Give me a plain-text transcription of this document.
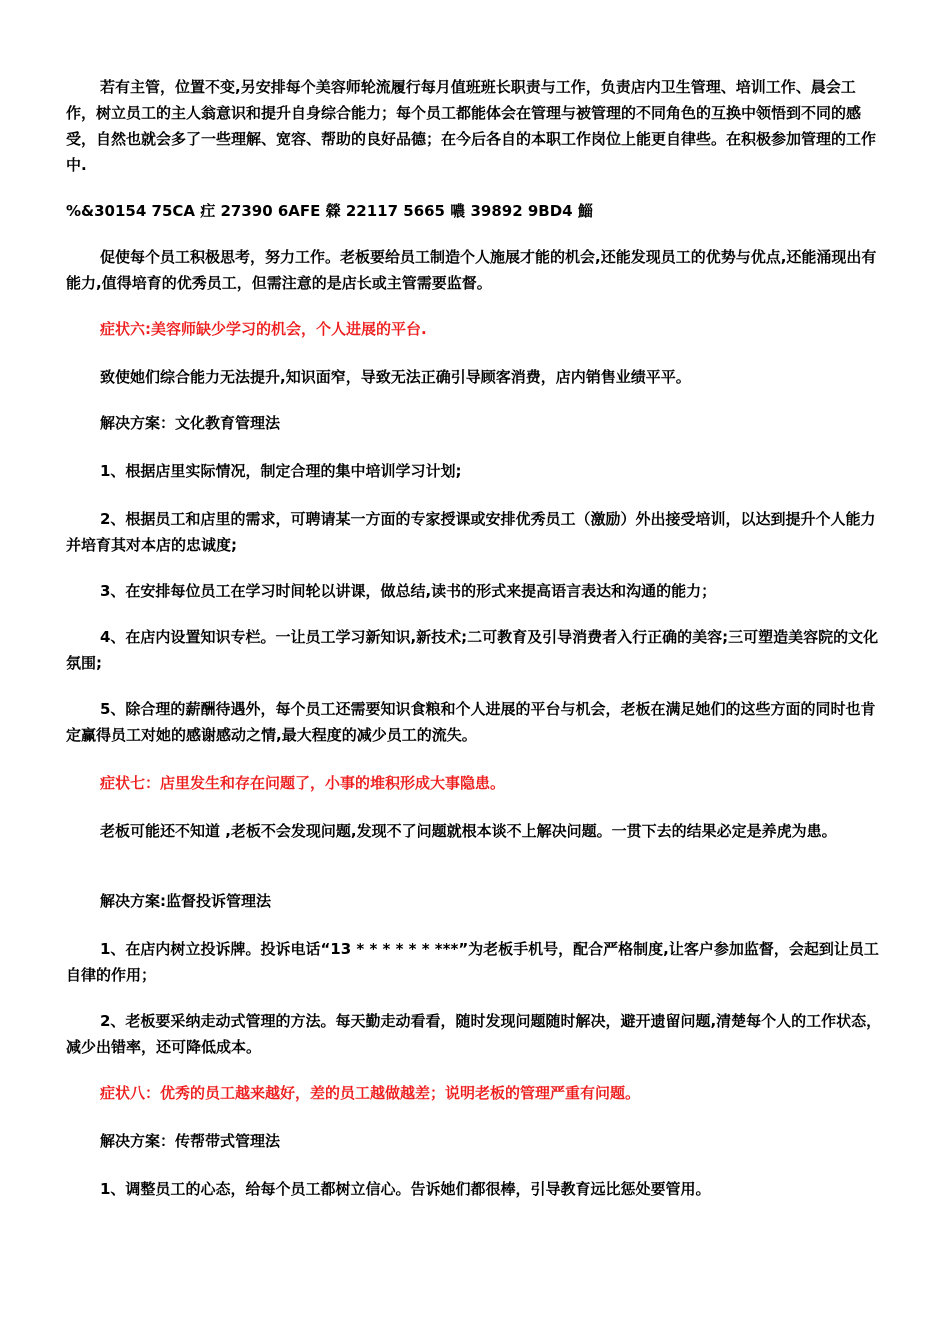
若有主管，位置不变,另安排每个美容师轮流履行每月值班班长职责与工作，负责店内卫生管理、培训工作、晨会工作，树立员工的主人翁意识和提升自身综合能力；每个员工都能体会在管理与被管理的不同角色的互换中领悟到不同的感受，自然也就会多了一些理解、宽容、帮助的良好品德；在今后各自的本职工作岗位上能更自律些。在积极参加管理的工作中.

%&30154 75CA 疘 27390 6AFE 檾 22117 5665 噥 39892 9BD4 鯔

促使每个员工积极思考，努力工作。老板要给员工制造个人施展才能的机会,还能发现员工的优势与优点,还能涌现出有能力,值得培育的优秀员工，但需注意的是店长或主管需要监督。

症状六:美容师缺少学习的机会，个人进展的平台.

致使她们综合能力无法提升,知识面窄，导致无法正确引导顾客消费，店内销售业绩平平。

解决方案：文化教育管理法

1、根据店里实际情况，制定合理的集中培训学习计划;

2、根据员工和店里的需求，可聘请某一方面的专家授课或安排优秀员工（激励）外出接受培训，以达到提升个人能力并培育其对本店的忠诚度;

3、在安排每位员工在学习时间轮以讲课，做总结,读书的形式来提高语言表达和沟通的能力；

4、在店内设置知识专栏。一让员工学习新知识,新技术;二可教育及引导消费者入行正确的美容;三可塑造美容院的文化氛围;

5、除合理的薪酬待遇外，每个员工还需要知识食粮和个人进展的平台与机会，老板在满足她们的这些方面的同时也肯定赢得员工对她的感谢感动之情,最大程度的减少员工的流失。

症状七：店里发生和存在问题了，小事的堆积形成大事隐患。

老板可能还不知道 ,老板不会发现问题,发现不了问题就根本谈不上解决问题。一贯下去的结果必定是养虎为患。

解决方案:监督投诉管理法

1、在店内树立投诉牌。投诉电话“13 * * * * * * ***”为老板手机号，配合严格制度,让客户参加监督，会起到让员工自律的作用；

2、老板要采纳走动式管理的方法。每天勤走动看看，随时发现问题随时解决，避开遗留问题,清楚每个人的工作状态，减少出错率，还可降低成本。

症状八：优秀的员工越来越好，差的员工越做越差；说明老板的管理严重有问题。

解决方案：传帮带式管理法

1、调整员工的心态，给每个员工都树立信心。告诉她们都很棒，引导教育远比惩处要管用。
